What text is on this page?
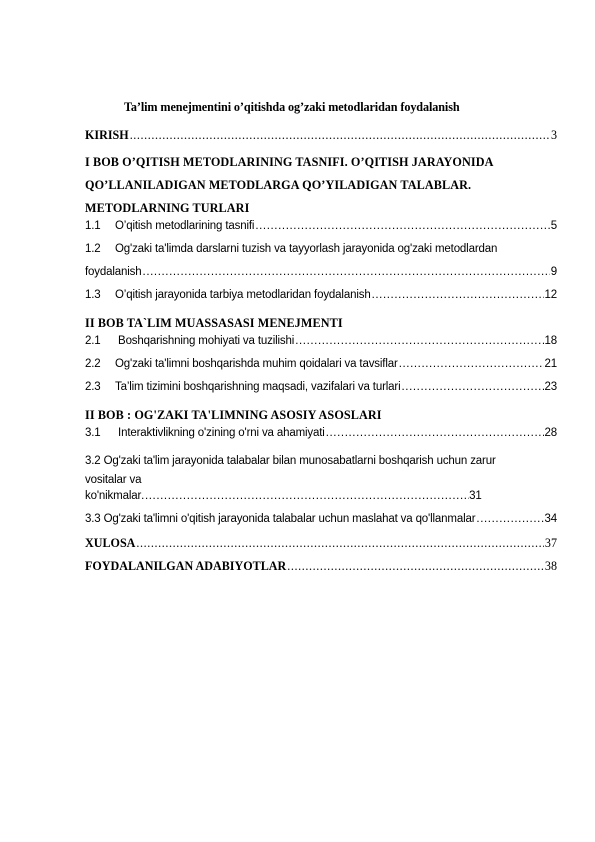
Ta’lim menejmentini o’qitishda og’zaki metodlaridan foydalanish
KIRISH .....	3
I BOB O’QITISH METODLARINING TASNIFI. O’QITISH JARAYONIDA
QO’LLANILADIGAN METODLARGA QO’YILADIGAN TALABLAR.
METODLARNING TURLARI
1.1	O’qitish metodlarining tasnifi .....	5
1.2	Og'zaki ta'limda darslarni tuzish va tayyorlash jarayonida og'zaki metodlardan
foydalanish .....	9
1.3	O’qitish jarayonida tarbiya metodlaridan foydalanish .....	12
II BOB TA`LIM MUASSASASI MENEJMENTI
2.1	Boshqarishning mohiyati va tuzilishi .....	18
2.2	Og'zaki ta'limni boshqarishda muhim qoidalari va tavsiflar .....	21
2.3	Ta’lim tizimini boshqarishning maqsadi, vazifalari va turlari .....	23
II BOB : OG'ZAKI TA'LIMNING ASOSIY ASOSLARI
3.1	Interaktivlikning o'zining o'rni va ahamiyati .....	28
3.2 Og'zaki ta'lim jarayonida talabalar bilan munosabatlarni boshqarish uchun zarur
vositalar va
ko'nikmalar .....	31
3.3 Og'zaki ta'limni o'qitish jarayonida talabalar uchun maslahat va qo'llanmalar .....	34
XULOSA .....	37
FOYDALANILGAN ADABIYOTLAR .....	38
